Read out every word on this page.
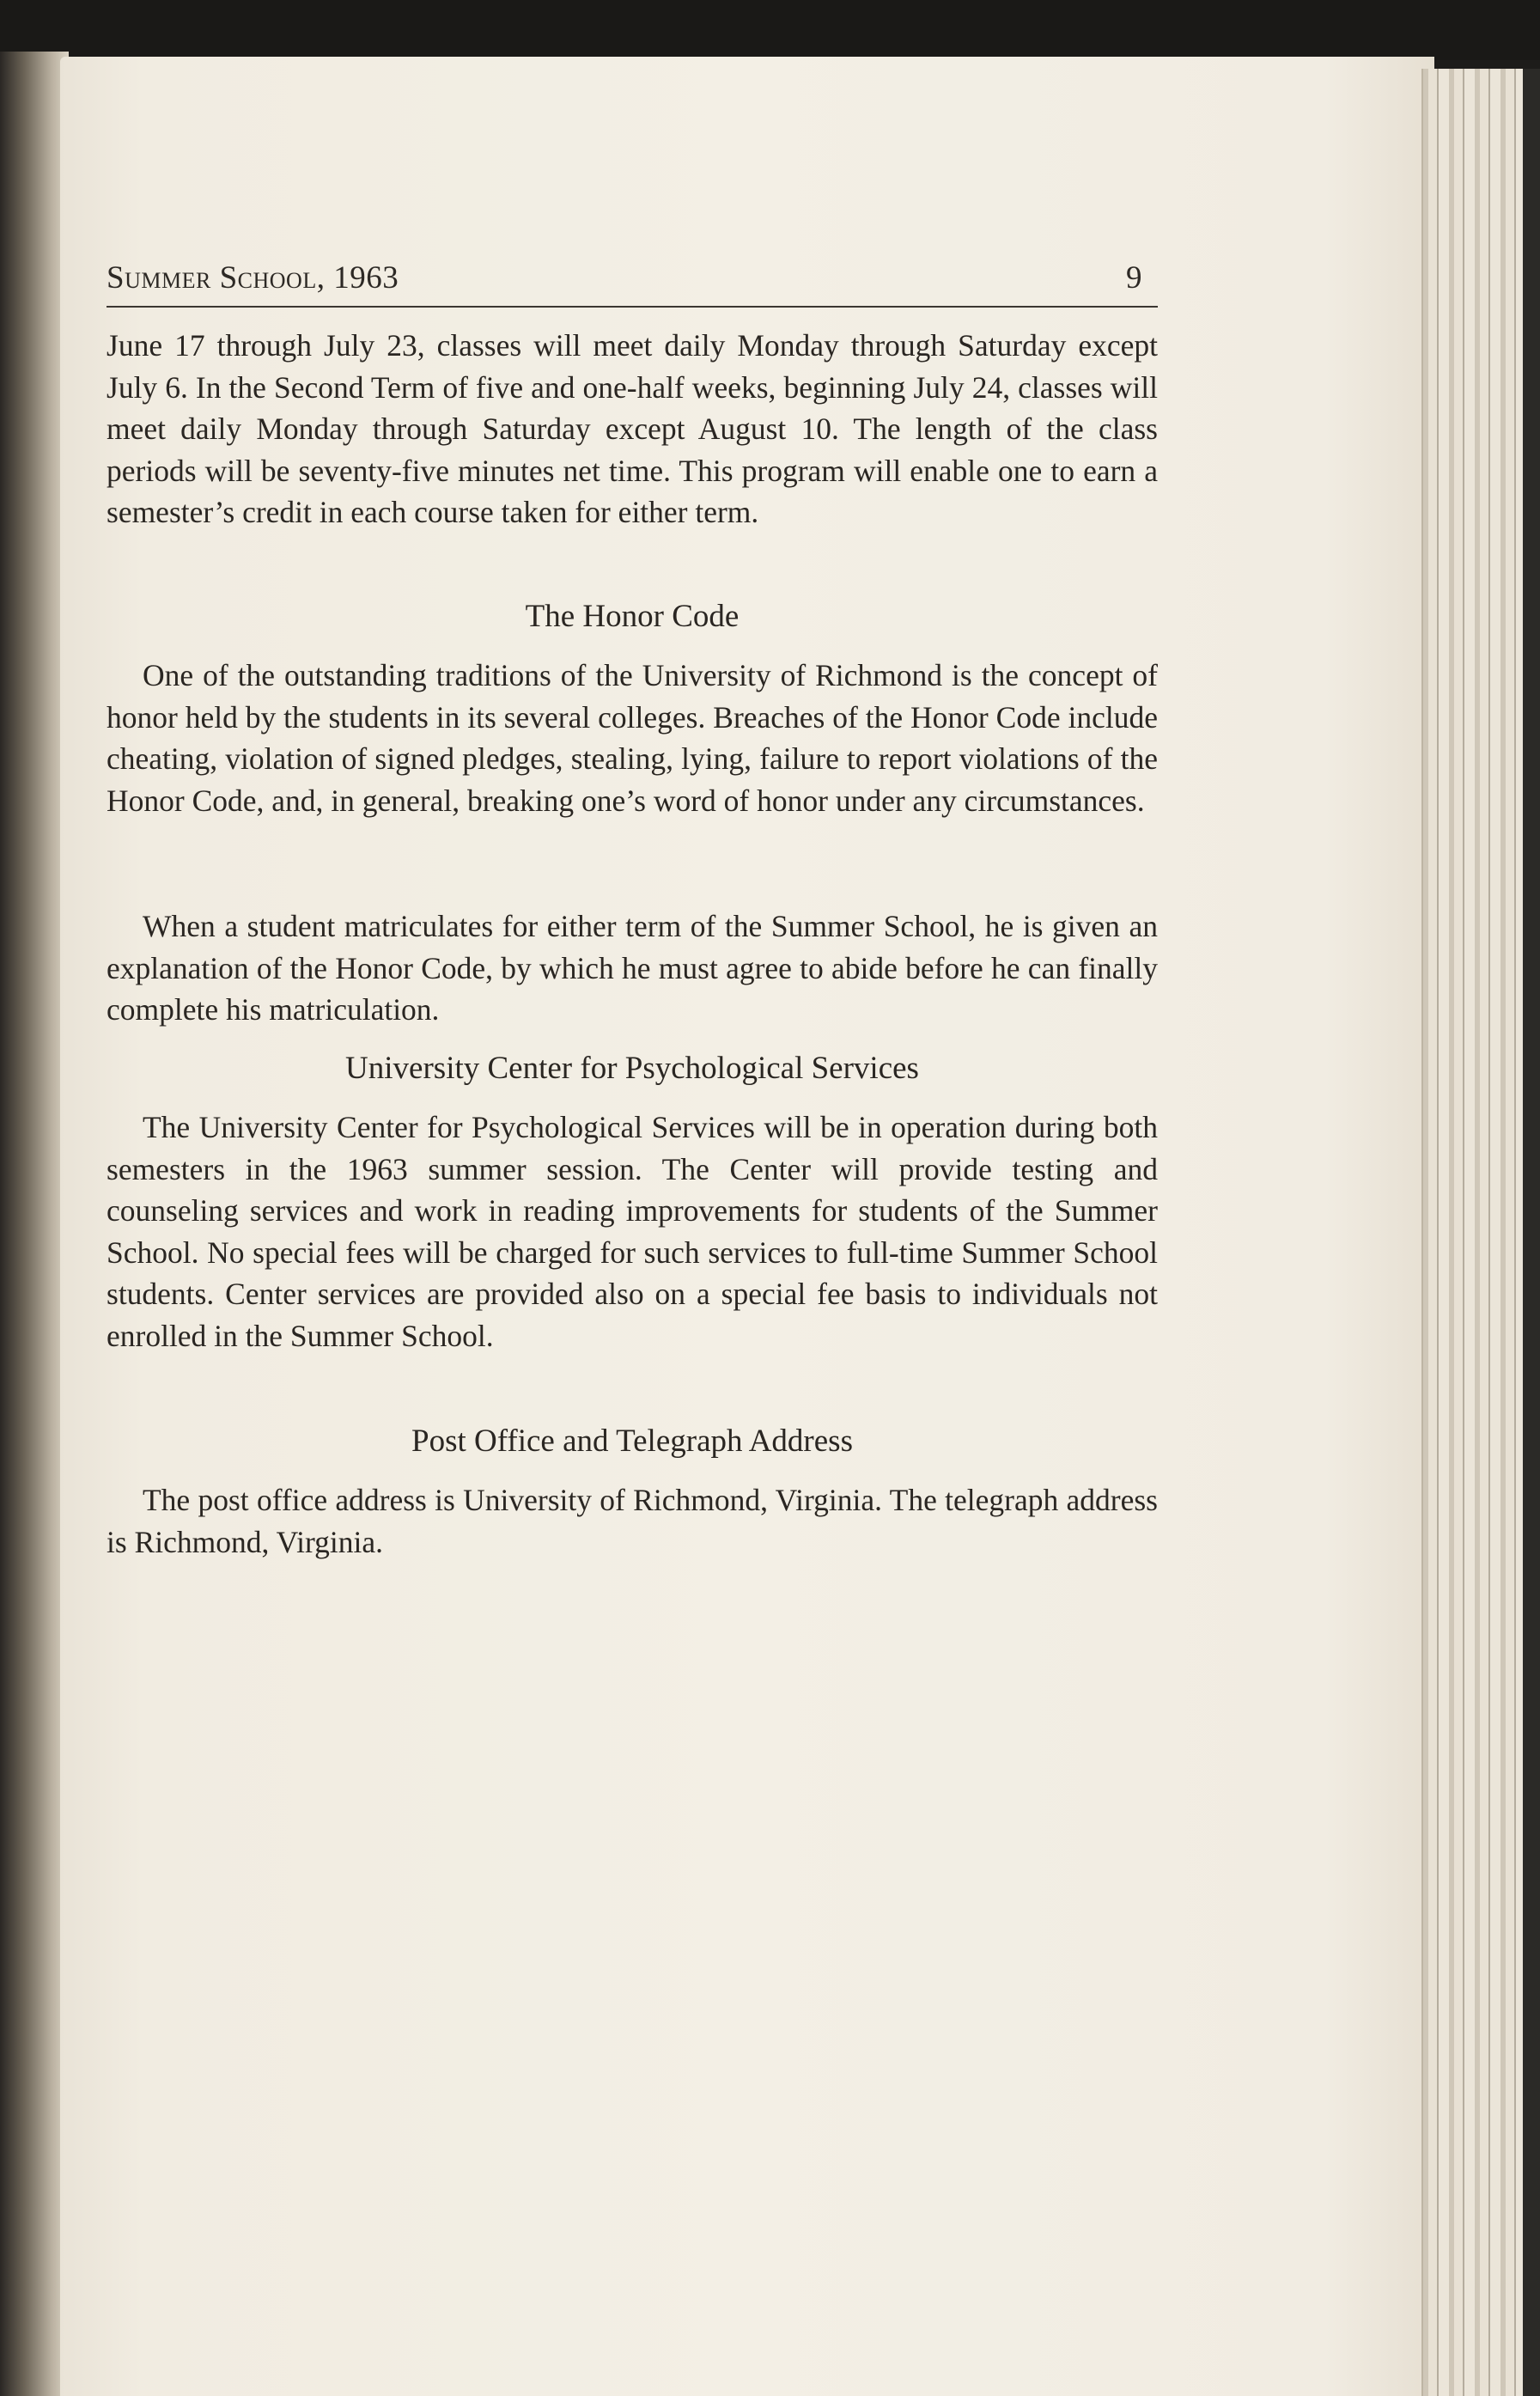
Summer School, 1963	9

June 17 through July 23, classes will meet daily Monday through Saturday except July 6. In the Second Term of five and one-half weeks, beginning July 24, classes will meet daily Monday through Saturday except August 10. The length of the class periods will be seventy-five minutes net time. This program will enable one to earn a semester’s credit in each course taken for either term.

The Honor Code

One of the outstanding traditions of the University of Richmond is the concept of honor held by the students in its several colleges. Breaches of the Honor Code include cheating, violation of signed pledges, stealing, lying, failure to report violations of the Honor Code, and, in general, breaking one’s word of honor under any circumstances.

When a student matriculates for either term of the Summer School, he is given an explanation of the Honor Code, by which he must agree to abide before he can finally complete his matriculation.

University Center for Psychological Services

The University Center for Psychological Services will be in operation during both semesters in the 1963 summer session. The Center will provide testing and counseling services and work in reading improvements for students of the Summer School. No special fees will be charged for such services to full-time Summer School students. Center services are provided also on a special fee basis to individuals not enrolled in the Summer School.

Post Office and Telegraph Address

The post office address is University of Richmond, Virginia. The telegraph address is Richmond, Virginia.
